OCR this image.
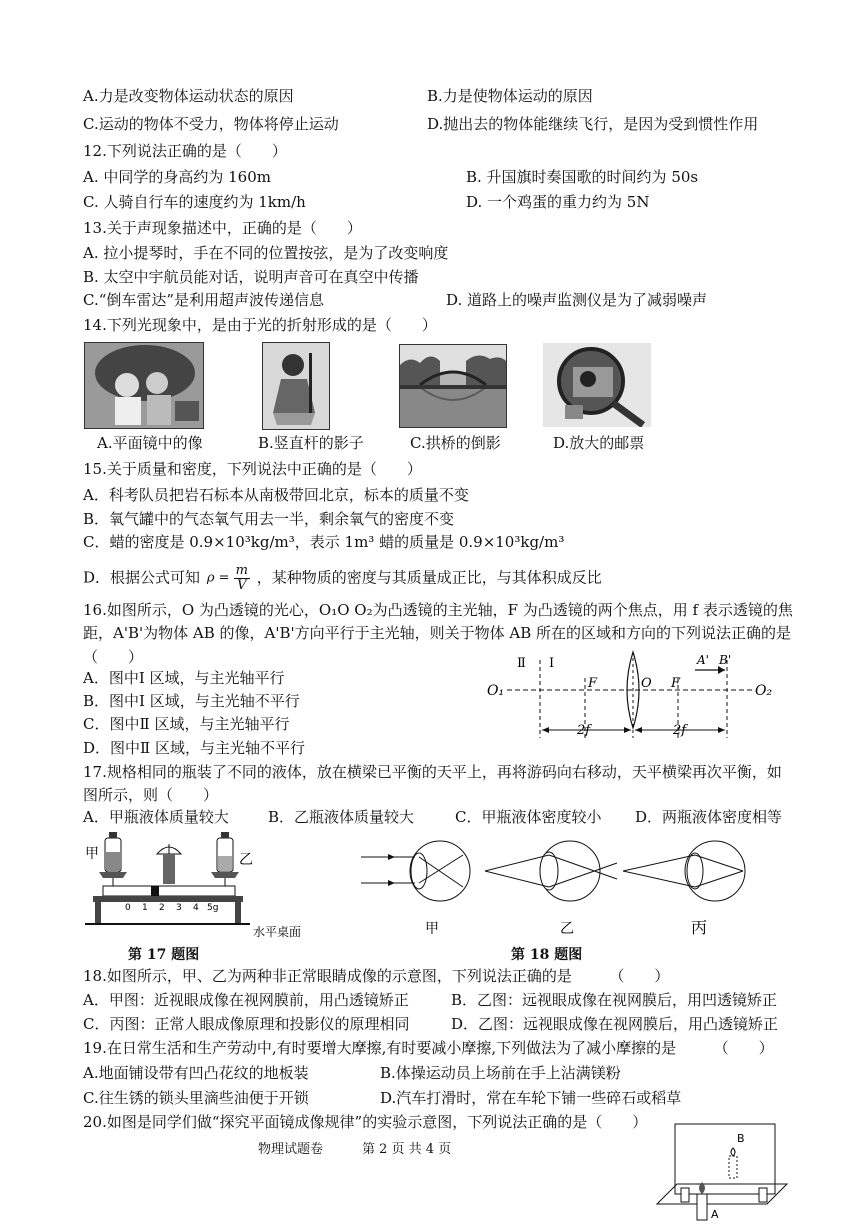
A.力是改变物体运动状态的原因	B.力是使物体运动的原因
C.运动的物体不受力，物体将停止运动	D.抛出去的物体能继续飞行，是因为受到惯性作用
12.下列说法正确的是（　　）
A. 中同学的身高约为 160m	B. 升国旗时奏国歌的时间约为 50s
C. 人骑自行车的速度约为 1km/h	D. 一个鸡蛋的重力约为 5N
13.关于声现象描述中，正确的是（　　）
A. 拉小提琴时，手在不同的位置按弦，是为了改变响度
B. 太空中宇航员能对话，说明声音可在真空中传播
C.“倒车雷达”是利用超声波传递信息	D. 道路上的噪声监测仪是为了减弱噪声
14.下列光现象中，是由于光的折射形成的是（　　）
A.平面镜中的像	B.竖直杆的影子	C.拱桥的倒影	D.放大的邮票
15.关于质量和密度，下列说法中正确的是（　　）
A．科考队员把岩石标本从南极带回北京，标本的质量不变
B．氧气罐中的气态氧气用去一半，剩余氧气的密度不变
C．蜡的密度是 0.9×10³kg/m³，表示 1m³ 蜡的质量是 0.9×10³kg/m³
D．根据公式可知 $\rho = \frac{m}{V}$ ，某种物质的密度与其质量成正比，与其体积成反比
16.如图所示，O 为凸透镜的光心，O₁O O₂为凸透镜的主光轴，F 为凸透镜的两个焦点，用 f 表示透镜的焦
距，A'B'为物体 AB 的像，A'B'方向平行于主光轴，则关于物体 AB 所在的区域和方向的下列说法正确的是
（　　）
A．图中Ⅰ 区域，与主光轴平行
B．图中Ⅰ 区域，与主光轴不平行
C．图中Ⅱ 区域，与主光轴平行
D．图中Ⅱ 区域，与主光轴不平行
Ⅱ Ⅰ
O₁	F	O F
A' B'
O₂
2f	2f
17.规格相同的瓶装了不同的液体，放在横梁已平衡的天平上，再将游码向右移动，天平横梁再次平衡，如
图所示，则（　　）
A．甲瓶液体质量较大	B．乙瓶液体质量较大	C．甲瓶液体密度较小 D．两瓶液体密度相等
甲	乙
0 1 2 3 4 5g
水平桌面	甲	乙	丙
第 17 题图	第 18 题图
18.如图所示，甲、乙为两种非正常眼睛成像的示意图，下列说法正确的是　　　（　　）
A．甲图：近视眼成像在视网膜前，用凸透镜矫正	B．乙图：远视眼成像在视网膜后，用凹透镜矫正
C．丙图：正常人眼成像原理和投影仪的原理相同	D．乙图：远视眼成像在视网膜后，用凸透镜矫正
19.在日常生活和生产劳动中,有时要增大摩擦,有时要减小摩擦,下列做法为了减小摩擦的是　　　（　　）
A.地面铺设带有凹凸花纹的地板装	B.体操运动员上场前在手上沾满镁粉
C.往生锈的锁头里滴些油便于开锁	D.汽车打滑时，常在车轮下铺一些碎石或稻草
20.如图是同学们做“探究平面镜成像规律”的实验示意图，下列说法正确的是（　　）
B
A
物理试题卷　　　第 2 页 共 4 页
